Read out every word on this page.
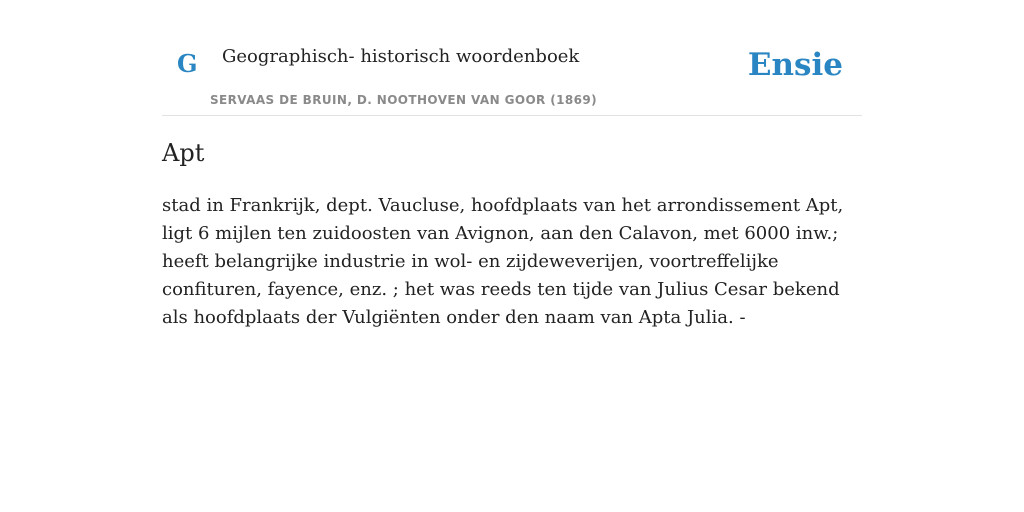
G Geographisch- historisch woordenboek
SERVAAS DE BRUIN, D. NOOTHOVEN VAN GOOR (1869)
Ensie
Apt

stad in Frankrijk, dept. Vaucluse, hoofdplaats van het arrondissement Apt, ligt 6 mijlen ten zuidoosten van Avignon, aan den Calavon, met 6000 inw.; heeft belangrijke industrie in wol- en zijdeweverijen, voortreffelijke confituren, fayence, enz. ; het was reeds ten tijde van Julius Cesar bekend als hoofdplaats der Vulgiënten onder den naam van Apta Julia. -
